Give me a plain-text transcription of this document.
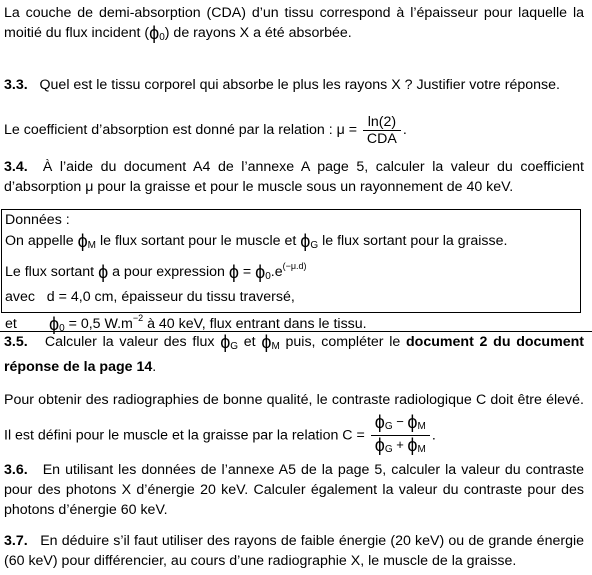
La couche de demi-absorption (CDA) d’un tissu correspond à l’épaisseur pour laquelle la moitié du flux incident $(\phi_0)$ de rayons X a été absorbée.
3.3. Quel est le tissu corporel qui absorbe le plus les rayons X ? Justifier votre réponse.
Le coefficient d’absorption est donné par la relation : $\mu = \frac{\ln(2)}{\text{CDA}}$ .
3.4. À l’aide du document A4 de l’annexe A page 5, calculer la valeur du coefficient d’absorption μ pour la graisse et pour le muscle sous un rayonnement de 40 keV.
Données :
On appelle $\phi_M$ le flux sortant pour le muscle et $\phi_G$ le flux sortant pour la graisse.
Le flux sortant ϕ a pour expression $\phi = \phi_0.e^{(-\mu.d)}$
avec d = 4,0 cm, épaisseur du tissu traversé,
et $\phi_0 = 0,5$ $W.m^{-2}$ à 40 keV, flux entrant dans le tissu.
3.5. Calculer la valeur des flux $\phi_G$ et $\phi_M$ puis, compléter le document 2 du document réponse de la page 14.
Pour obtenir des radiographies de bonne qualité, le contraste radiologique C doit être élevé. Il est défini pour le muscle et la graisse par la relation $C = \frac{\phi_G - \phi_M}{\phi_G + \phi_M}$ .
3.6. En utilisant les données de l’annexe A5 de la page 5, calculer la valeur du contraste pour des photons X d’énergie 20 keV. Calculer également la valeur du contraste pour des photons d’énergie 60 keV.
3.7. En déduire s’il faut utiliser des rayons de faible énergie (20 keV) ou de grande énergie (60 keV) pour différencier, au cours d’une radiographie X, le muscle de la graisse.
